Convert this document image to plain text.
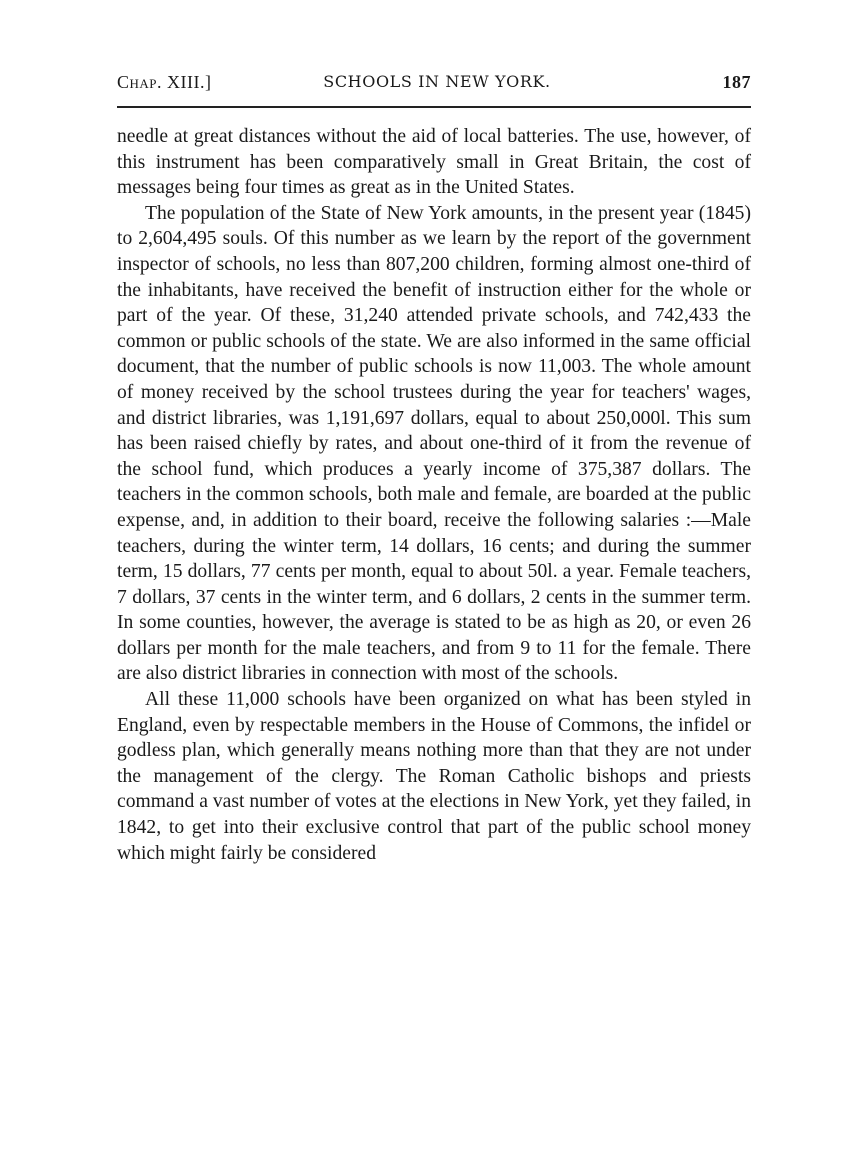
Chap. XIII.]	SCHOOLS IN NEW YORK.	187

needle at great distances without the aid of local batteries. The use, however, of this instrument has been comparatively small in Great Britain, the cost of messages being four times as great as in the United States.

The population of the State of New York amounts, in the present year (1845) to 2,604,495 souls. Of this number as we learn by the report of the government inspector of schools, no less than 807,200 children, forming almost one-third of the inhabitants, have received the benefit of instruction either for the whole or part of the year. Of these, 31,240 attended private schools, and 742,433 the common or public schools of the state. We are also informed in the same official document, that the number of public schools is now 11,003. The whole amount of money received by the school trustees during the year for teachers' wages, and district libraries, was 1,191,697 dollars, equal to about 250,000l. This sum has been raised chiefly by rates, and about one-third of it from the revenue of the school fund, which produces a yearly income of 375,387 dollars. The teachers in the common schools, both male and female, are boarded at the public expense, and, in addition to their board, receive the following salaries :—Male teachers, during the winter term, 14 dollars, 16 cents; and during the summer term, 15 dollars, 77 cents per month, equal to about 50l. a year. Female teachers, 7 dollars, 37 cents in the winter term, and 6 dollars, 2 cents in the summer term. In some counties, however, the average is stated to be as high as 20, or even 26 dollars per month for the male teachers, and from 9 to 11 for the female. There are also district libraries in connection with most of the schools.

All these 11,000 schools have been organized on what has been styled in England, even by respectable members in the House of Commons, the infidel or godless plan, which generally means nothing more than that they are not under the management of the clergy. The Roman Catholic bishops and priests command a vast number of votes at the elections in New York, yet they failed, in 1842, to get into their exclusive control that part of the public school money which might fairly be considered
